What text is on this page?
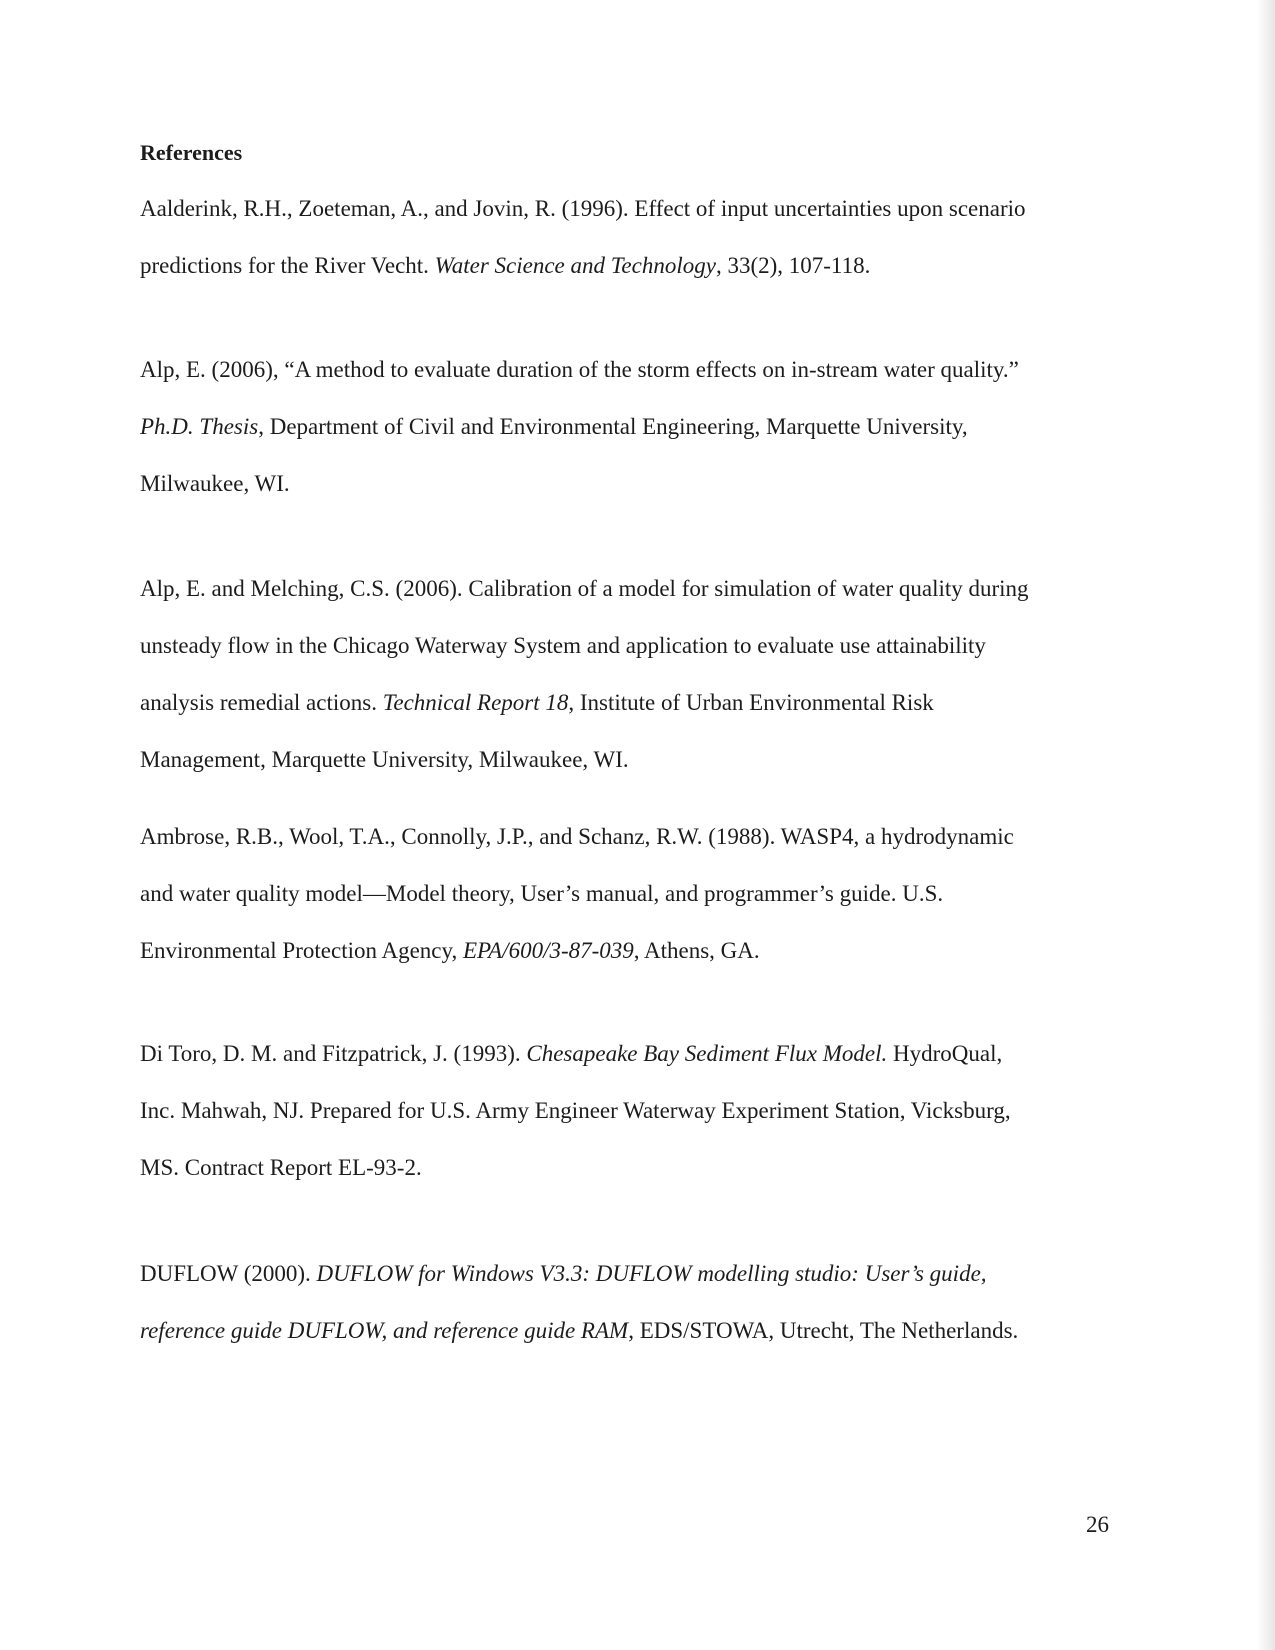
References

Aalderink, R.H., Zoeteman, A., and Jovin, R. (1996). Effect of input uncertainties upon scenario
predictions for the River Vecht. Water Science and Technology, 33(2), 107-118.

Alp, E. (2006), “A method to evaluate duration of the storm effects on in-stream water quality.”
Ph.D. Thesis, Department of Civil and Environmental Engineering, Marquette University,
Milwaukee, WI.

Alp, E. and Melching, C.S. (2006). Calibration of a model for simulation of water quality during
unsteady flow in the Chicago Waterway System and application to evaluate use attainability
analysis remedial actions. Technical Report 18, Institute of Urban Environmental Risk
Management, Marquette University, Milwaukee, WI.

Ambrose, R.B., Wool, T.A., Connolly, J.P., and Schanz, R.W. (1988). WASP4, a hydrodynamic
and water quality model—Model theory, User’s manual, and programmer’s guide. U.S.
Environmental Protection Agency, EPA/600/3-87-039, Athens, GA.

Di Toro, D. M. and Fitzpatrick, J. (1993). Chesapeake Bay Sediment Flux Model. HydroQual,
Inc. Mahwah, NJ. Prepared for U.S. Army Engineer Waterway Experiment Station, Vicksburg,
MS. Contract Report EL-93-2.

DUFLOW (2000). DUFLOW for Windows V3.3: DUFLOW modelling studio: User’s guide,
reference guide DUFLOW, and reference guide RAM, EDS/STOWA, Utrecht, The Netherlands.

26
